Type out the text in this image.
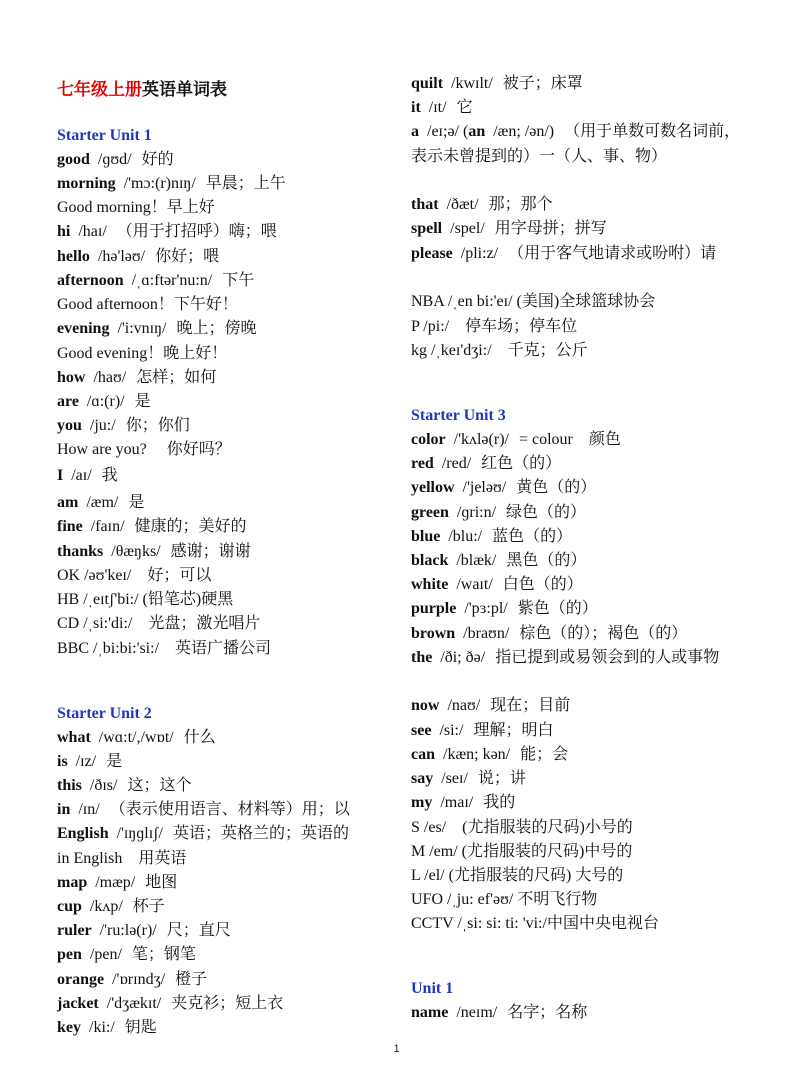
七年级上册英语单词表
Starter Unit 1
good /ɡʊd/ 好的
morning /'mɔ:(r)nɪŋ/ 早晨；上午
Good morning！早上好
hi /haɪ/ （用于打招呼）嗨；喂
hello /hə'ləʊ/ 你好；喂
afternoon /ˌɑ:ftər'nu:n/ 下午
Good afternoon！下午好！
evening /'i:vnɪŋ/ 晚上；傍晚
Good evening！晚上好！
how /haʊ/ 怎样；如何
are /ɑ:(r)/ 是
you /ju:/ 你；你们
How are you?　 你好吗？
I /aɪ/ 我
am /æm/ 是
fine /faɪn/ 健康的；美好的
thanks /θæŋks/ 感谢；谢谢
OK /əʊ'keɪ/　好；可以
HB /ˌeɪtʃ'bi:/ (铅笔芯)硬黑
CD /ˌsi:'di:/　光盘；激光唱片
BBC /ˌbi:bi:'si:/　英语广播公司
Starter Unit 2
what /wɑ:t/,/wɒt/ 什么
is /ɪz/ 是
this /ðɪs/ 这；这个
in /ɪn/ （表示使用语言、材料等）用；以
English /'ɪŋɡlɪʃ/ 英语；英格兰的；英语的
in English　用英语
map /mæp/ 地图
cup /kʌp/ 杯子
ruler /'ru:lə(r)/ 尺；直尺
pen /pen/ 笔；钢笔
orange /'ɒrɪndʒ/ 橙子
jacket /'dʒækɪt/ 夹克衫；短上衣
key /ki:/ 钥匙
quilt /kwɪlt/ 被子；床罩
it /ɪt/ 它
a /eɪ;ə/ (an /æn; /ən/) （用于单数可数名词前，表示未曾提到的）一（人、事、物）
that /ðæt/ 那；那个
spell /spel/ 用字母拼；拼写
please /pli:z/ （用于客气地请求或吩咐）请
NBA /ˌen bi:'eɪ/ (美国)全球篮球协会
P /pi:/　停车场；停车位
kg /ˌkeɪ'dʒi:/　千克；公斤
Starter Unit 3
color /'kʌlə(r)/ = colour　颜色
red /red/ 红色（的）
yellow /'jeləʊ/ 黄色（的）
green /ɡri:n/ 绿色（的）
blue /blu:/ 蓝色（的）
black /blæk/ 黑色（的）
white /waɪt/ 白色（的）
purple /'pɜ:pl/ 紫色（的）
brown /braʊn/ 棕色（的）；褐色（的）
the /ði; ðə/ 指已提到或易领会到的人或事物
now /naʊ/ 现在；目前
see /si:/ 理解；明白
can /kæn; kən/ 能；会
say /seɪ/ 说；讲
my /maɪ/ 我的
S /es/　(尤指服装的尺码)小号的
M /em/ (尤指服装的尺码)中号的
L /el/ (尤指服装的尺码) 大号的
UFO /ˌju: ef'əʊ/ 不明飞行物
CCTV /ˌsi: si: ti: 'vi:/中国中央电视台
Unit 1
name /neɪm/ 名字；名称
1
